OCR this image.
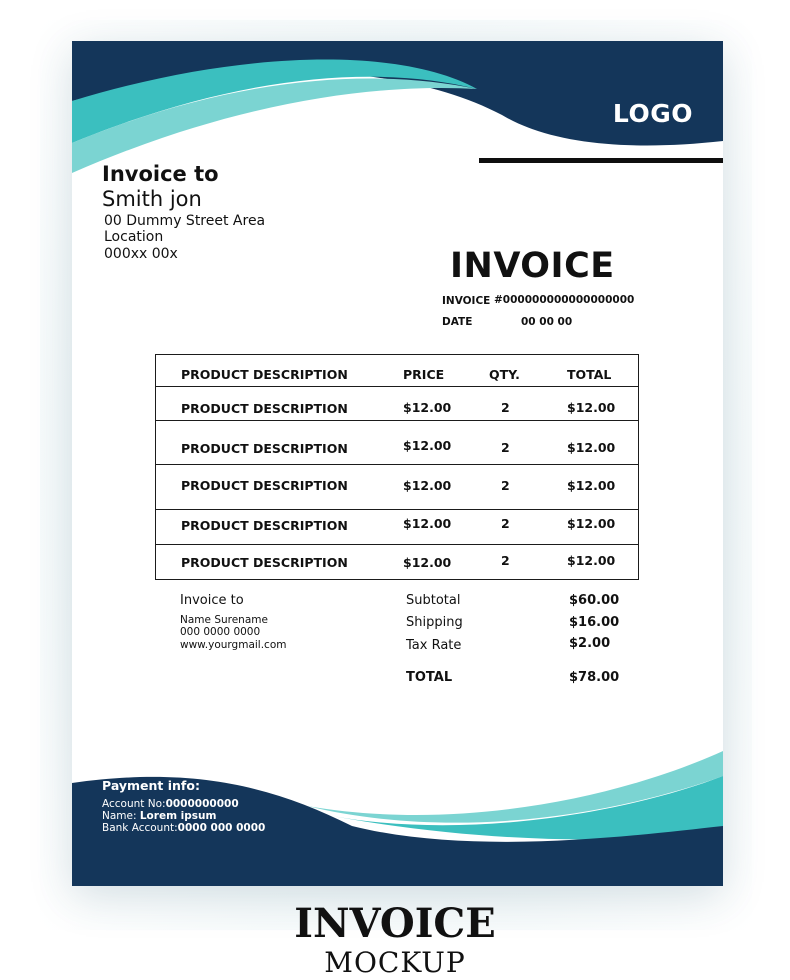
LOGO
Invoice to
Smith jon
00 Dummy Street Area
Location
000xx 00x	INVOICE
INVOICE #000000000000000000
DATE	00 00 00
PRODUCT DESCRIPTION	PRICE	QTY.	TOTAL
PRODUCT DESCRIPTION	$12.00	2	$12.00
PRODUCT DESCRIPTION	$12.00	2	$12.00
PRODUCT DESCRIPTION	$12.00	2	$12.00
PRODUCT DESCRIPTION	$12.00	2	$12.00
PRODUCT DESCRIPTION	$12.00	2	$12.00
Invoice to
Name Surename
000 0000 0000
www.yourgmail.com
Subtotal	$60.00
Shipping	$16.00
Tax Rate	$2.00
TOTAL	$78.00
Payment info:
Account No:0000000000
Name: Lorem ipsum
Bank Account:0000 000 0000
INVOICE
MOCKUP
